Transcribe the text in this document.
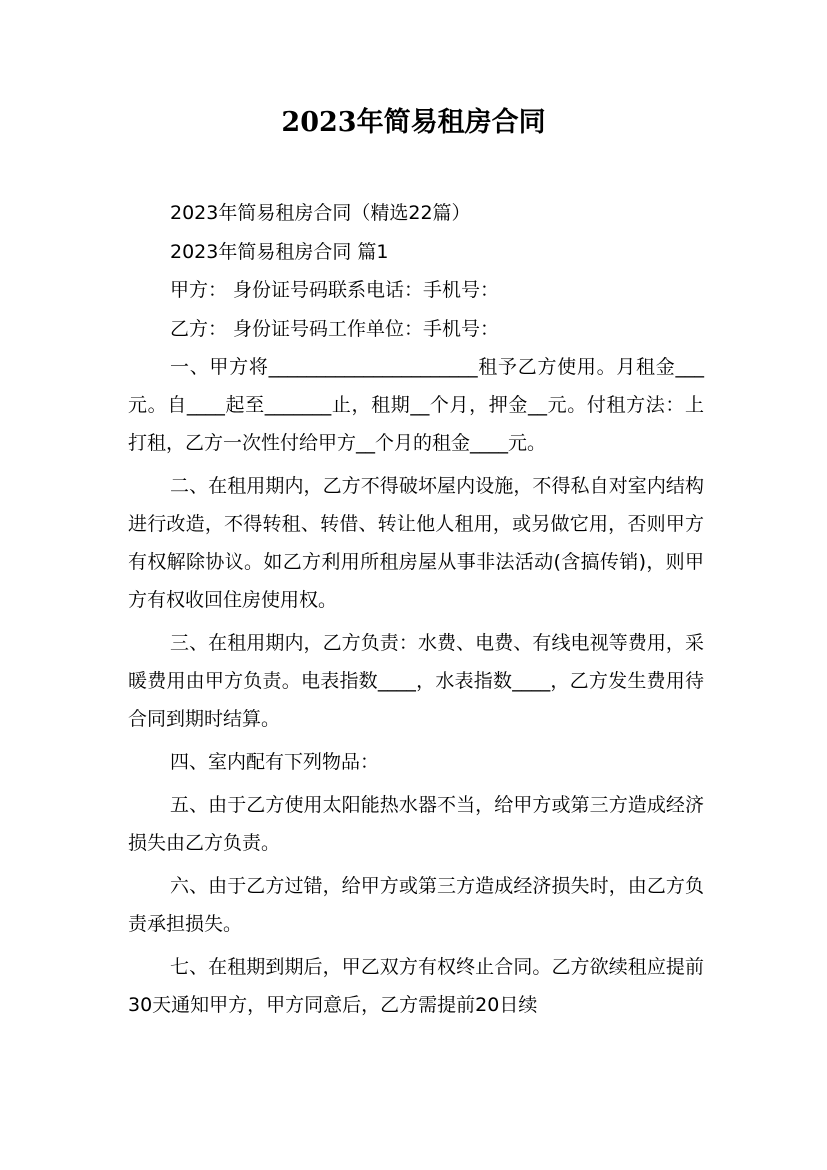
2023年简易租房合同

2023年简易租房合同（精选22篇）

2023年简易租房合同 篇1

甲方： 身份证号码联系电话：手机号：

乙方： 身份证号码工作单位：手机号：

一、甲方将______________________租予乙方使用。月租金___元。自____起至_______止，租期__个月，押金__元。付租方法：上打租，乙方一次性付给甲方__个月的租金____元。

二、在租用期内，乙方不得破坏屋内设施，不得私自对室内结构进行改造，不得转租、转借、转让他人租用，或另做它用，否则甲方有权解除协议。如乙方利用所租房屋从事非法活动(含搞传销)，则甲方有权收回住房使用权。

三、在租用期内，乙方负责：水费、电费、有线电视等费用，采暖费用由甲方负责。电表指数____，水表指数____，乙方发生费用待合同到期时结算。

四、室内配有下列物品：

五、由于乙方使用太阳能热水器不当，给甲方或第三方造成经济损失由乙方负责。

六、由于乙方过错，给甲方或第三方造成经济损失时，由乙方负责承担损失。

七、在租期到期后，甲乙双方有权终止合同。乙方欲续租应提前30天通知甲方，甲方同意后，乙方需提前20日续
